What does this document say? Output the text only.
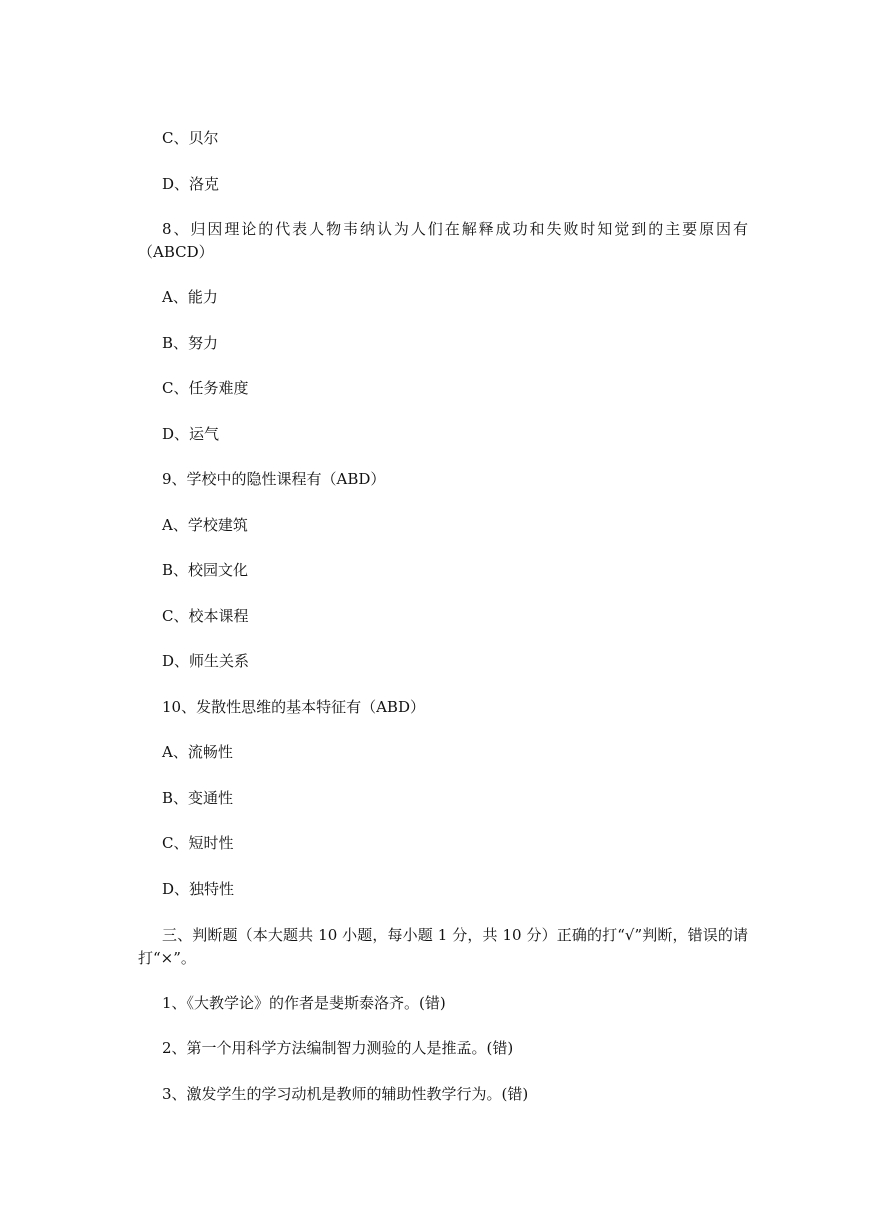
C、贝尔
D、洛克
8、归因理论的代表人物韦纳认为人们在解释成功和失败时知觉到的主要原因有（ABCD）
A、能力
B、努力
C、任务难度
D、运气
9、学校中的隐性课程有（ABD）
A、学校建筑
B、校园文化
C、校本课程
D、师生关系
10、发散性思维的基本特征有（ABD）
A、流畅性
B、变通性
C、短时性
D、独特性
三、判断题（本大题共 10 小题，每小题 1 分，共 10 分）正确的打“√”判断，错误的请打“×”。
1、《大教学论》的作者是斐斯泰洛齐。(错)
2、第一个用科学方法编制智力测验的人是推孟。(错)
3、激发学生的学习动机是教师的辅助性教学行为。(错)
